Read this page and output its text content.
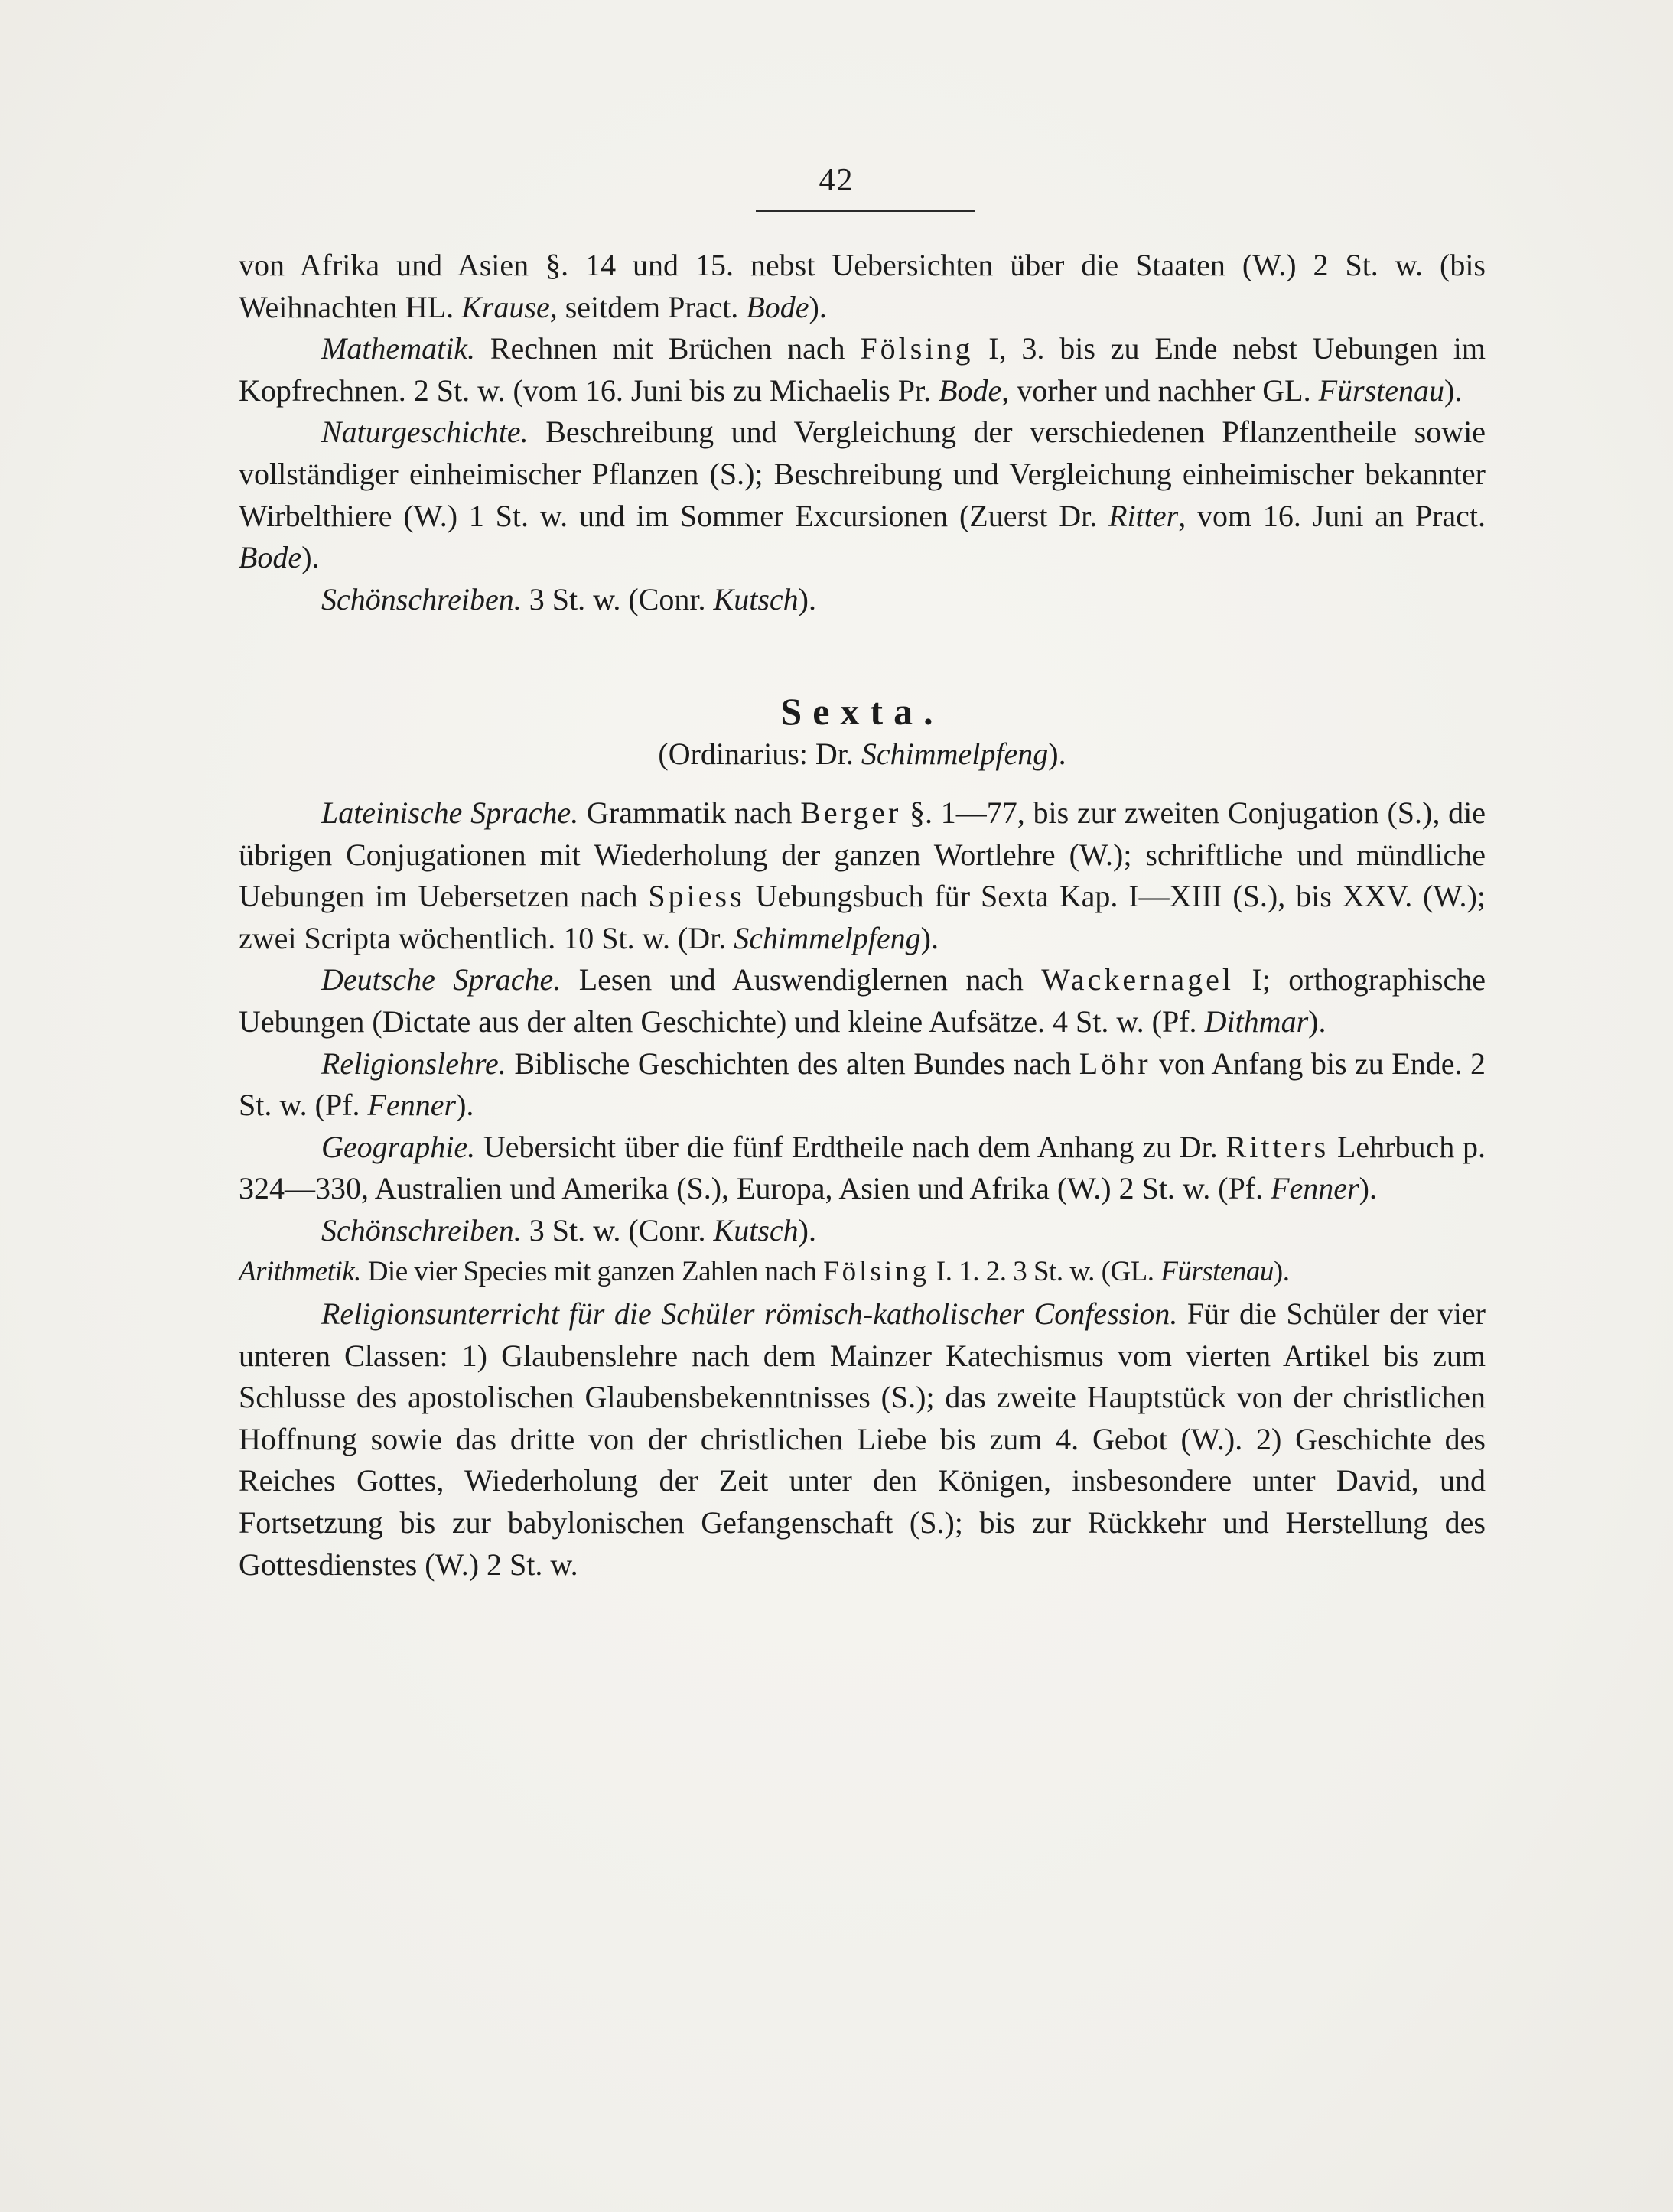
42

von Afrika und Asien §. 14 und 15. nebst Uebersichten über die Staaten (W.) 2 St. w. (bis Weihnachten HL. Krause, seitdem Pract. Bode).

Mathematik. Rechnen mit Brüchen nach Fölsing I, 3. bis zu Ende nebst Uebungen im Kopfrechnen. 2 St. w. (vom 16. Juni bis zu Michaelis Pr. Bode, vorher und nachher GL. Fürstenau).

Naturgeschichte. Beschreibung und Vergleichung der verschiedenen Pflanzentheile sowie vollständiger einheimischer Pflanzen (S.); Beschreibung und Vergleichung einheimischer bekannter Wirbelthiere (W.) 1 St. w. und im Sommer Excursionen (Zuerst Dr. Ritter, vom 16. Juni an Pract. Bode).

Schönschreiben. 3 St. w. (Conr. Kutsch).

Sexta.

(Ordinarius: Dr. Schimmelpfeng).

Lateinische Sprache. Grammatik nach Berger §. 1—77, bis zur zweiten Conjugation (S.), die übrigen Conjugationen mit Wiederholung der ganzen Wortlehre (W.); schriftliche und mündliche Uebungen im Uebersetzen nach Spiess Uebungsbuch für Sexta Kap. I—XIII (S.), bis XXV. (W.); zwei Scripta wöchentlich. 10 St. w. (Dr. Schimmelpfeng).

Deutsche Sprache. Lesen und Auswendiglernen nach Wackernagel I; orthographische Uebungen (Dictate aus der alten Geschichte) und kleine Aufsätze. 4 St. w. (Pf. Dithmar).

Religionslehre. Biblische Geschichten des alten Bundes nach Löhr von Anfang bis zu Ende. 2 St. w. (Pf. Fenner).

Geographie. Uebersicht über die fünf Erdtheile nach dem Anhang zu Dr. Ritters Lehrbuch p. 324—330, Australien und Amerika (S.), Europa, Asien und Afrika (W.) 2 St. w. (Pf. Fenner).

Schönschreiben. 3 St. w. (Conr. Kutsch).

Arithmetik. Die vier Species mit ganzen Zahlen nach Fölsing I. 1. 2. 3 St. w. (GL. Fürstenau).

Religionsunterricht für die Schüler römisch-katholischer Confession. Für die Schüler der vier unteren Classen: 1) Glaubenslehre nach dem Mainzer Katechismus vom vierten Artikel bis zum Schlusse des apostolischen Glaubensbekenntnisses (S.); das zweite Hauptstück von der christlichen Hoffnung sowie das dritte von der christlichen Liebe bis zum 4. Gebot (W.). 2) Geschichte des Reiches Gottes, Wiederholung der Zeit unter den Königen, insbesondere unter David, und Fortsetzung bis zur babylonischen Gefangenschaft (S.); bis zur Rückkehr und Herstellung des Gottesdienstes (W.) 2 St. w.
